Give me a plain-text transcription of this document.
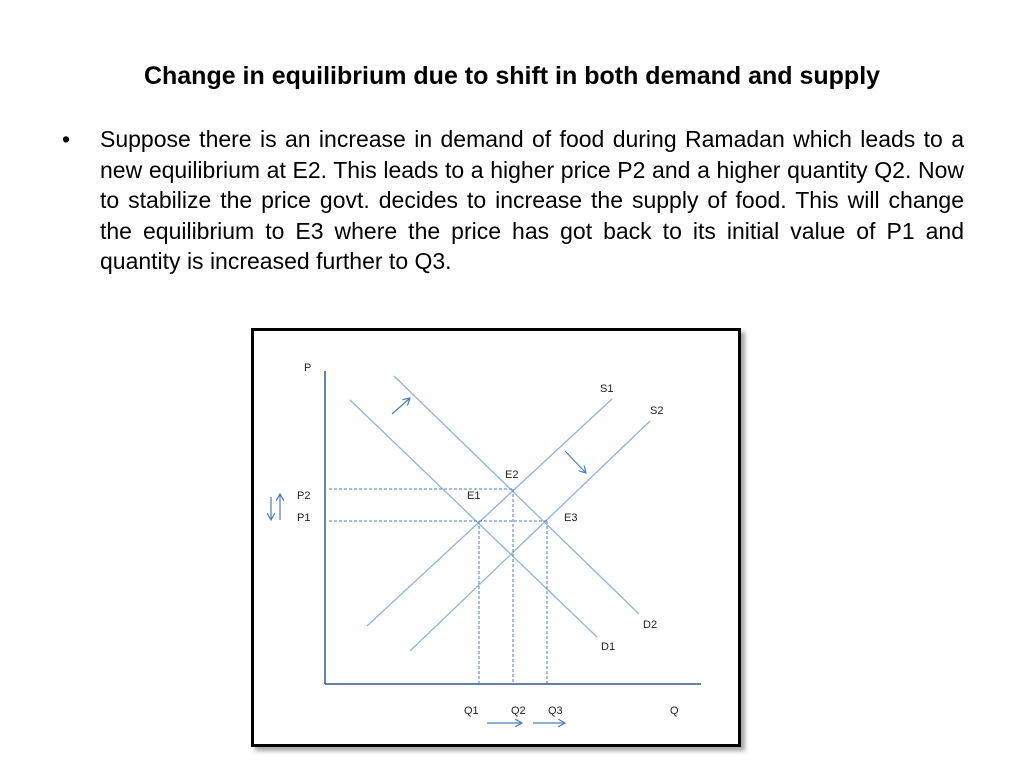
Change in equilibrium due to shift in both demand and supply
• Suppose there is an increase in demand of food during Ramadan which leads to a new equilibrium at E2. This leads to a higher price P2 and a higher quantity Q2. Now to stabilize the price govt. decides to increase the supply of food. This will change the equilibrium to E3 where the price has got back to its initial value of P1 and quantity is increased further to Q3.
P
Q
P2
P1
Q1	Q2 Q3
S1
S2
D1
D2
E1
E2
E3
